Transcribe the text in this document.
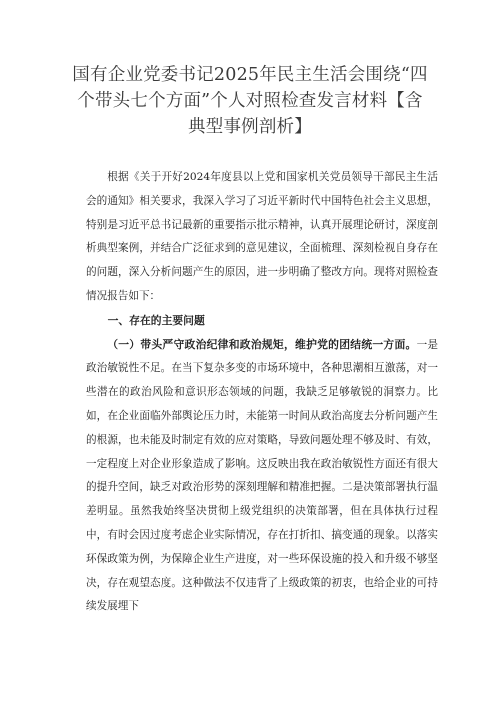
国有企业党委书记2025年民主生活会围绕“四个带头七个方面”个人对照检查发言材料【含典型事例剖析】

根据《关于开好2024年度县以上党和国家机关党员领导干部民主生活会的通知》相关要求，我深入学习了习近平新时代中国特色社会主义思想，特别是习近平总书记最新的重要指示批示精神，认真开展理论研讨，深度剖析典型案例，并结合广泛征求到的意见建议，全面梳理、深刻检视自身存在的问题，深入分析问题产生的原因，进一步明确了整改方向。现将对照检查情况报告如下：

一、存在的主要问题

（一）带头严守政治纪律和政治规矩，维护党的团结统一方面。一是政治敏锐性不足。在当下复杂多变的市场环境中，各种思潮相互激荡，对一些潜在的政治风险和意识形态领域的问题，我缺乏足够敏锐的洞察力。比如，在企业面临外部舆论压力时，未能第一时间从政治高度去分析问题产生的根源，也未能及时制定有效的应对策略，导致问题处理不够及时、有效，一定程度上对企业形象造成了影响。这反映出我在政治敏锐性方面还有很大的提升空间，缺乏对政治形势的深刻理解和精准把握。二是决策部署执行温差明显。虽然我始终坚决贯彻上级党组织的决策部署，但在具体执行过程中，有时会因过度考虑企业实际情况，存在打折扣、搞变通的现象。以落实环保政策为例，为保障企业生产进度，对一些环保设施的投入和升级不够坚决，存在观望态度。这种做法不仅违背了上级政策的初衷，也给企业的可持续发展埋下
